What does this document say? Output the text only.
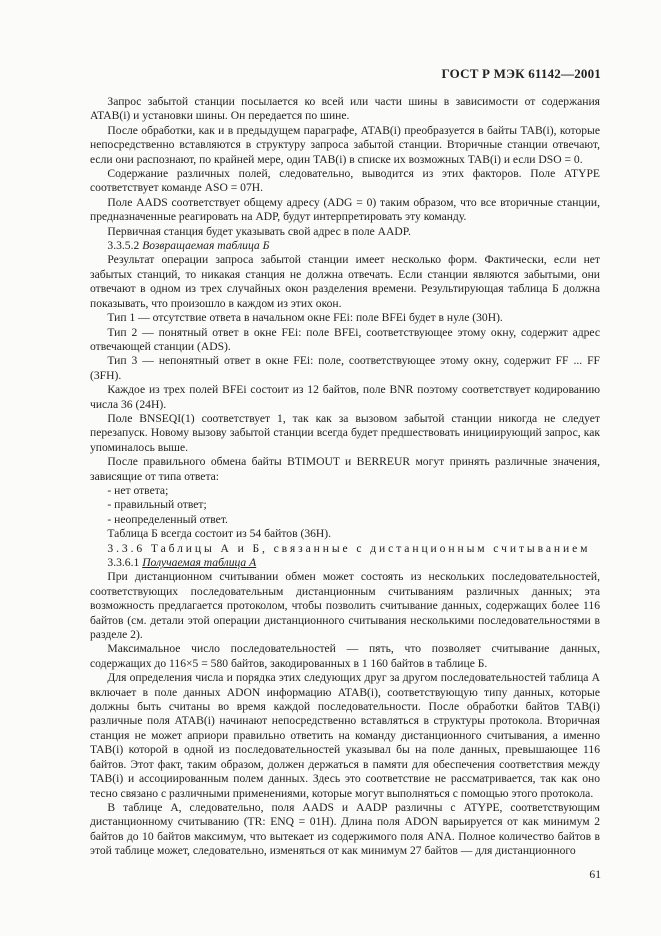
ГОСТ Р МЭК 61142—2001

Запрос забытой станции посылается ко всей или части шины в зависимости от содержания ATAB(i) и установки шины. Он передается по шине.

После обработки, как и в предыдущем параграфе, ATAB(i) преобразуется в байты TAB(i), которые непосредственно вставляются в структуру запроса забытой станции. Вторичные станции отвечают, если они распознают, по крайней мере, один TAB(i) в списке их возможных TAB(i) и если DSO = 0.

Содержание различных полей, следовательно, выводится из этих факторов. Поле ATYPE соответствует команде ASO = 07H.

Поле AADS соответствует общему адресу (ADG = 0) таким образом, что все вторичные станции, предназначенные реагировать на ADP, будут интерпретировать эту команду.

Первичная станция будет указывать свой адрес в поле AADP.

3.3.5.2 Возвращаемая таблица Б

Результат операции запроса забытой станции имеет несколько форм. Фактически, если нет забытых станций, то никакая станция не должна отвечать. Если станции являются забытыми, они отвечают в одном из трех случайных окон разделения времени. Результирующая таблица Б должна показывать, что произошло в каждом из этих окон.

Тип 1 — отсутствие ответа в начальном окне FEi: поле BFEi будет в нуле (30H).

Тип 2 — понятный ответ в окне FEi: поле BFEi, соответствующее этому окну, содержит адрес отвечающей станции (ADS).

Тип 3 — непонятный ответ в окне FEi: поле, соответствующее этому окну, содержит FF ... FF (3FH).

Каждое из трех полей BFEi состоит из 12 байтов, поле BNR поэтому соответствует кодированию числа 36 (24H).

Поле BNSEQI(1) соответствует 1, так как за вызовом забытой станции никогда не следует перезапуск. Новому вызову забытой станции всегда будет предшествовать инициирующий запрос, как упоминалось выше.

После правильного обмена байты BTIMOUT и BERREUR могут принять различные значения, зависящие от типа ответа:

- нет ответа;

- правильный ответ;

- неопределенный ответ.

Таблица Б всегда состоит из 54 байтов (36H).

3.3.6 Таблицы А и Б, связанные с дистанционным считыванием

3.3.6.1 Получаемая таблица А

При дистанционном считывании обмен может состоять из нескольких последовательностей, соответствующих последовательным дистанционным считываниям различных данных; эта возможность предлагается протоколом, чтобы позволить считывание данных, содержащих более 116 байтов (см. детали этой операции дистанционного считывания несколькими последовательностями в разделе 2).

Максимальное число последовательностей — пять, что позволяет считывание данных, содержащих до 116×5 = 580 байтов, закодированных в 1 160 байтов в таблице Б.

Для определения числа и порядка этих следующих друг за другом последовательностей таблица А включает в поле данных ADON информацию ATAB(i), соответствующую типу данных, которые должны быть считаны во время каждой последовательности. После обработки байтов TAB(i) различные поля ATAB(i) начинают непосредственно вставляться в структуры протокола. Вторичная станция не может априори правильно ответить на команду дистанционного считывания, а именно TAB(i) которой в одной из последовательностей указывал бы на поле данных, превышающее 116 байтов. Этот факт, таким образом, должен держаться в памяти для обеспечения соответствия между TAB(i) и ассоциированным полем данных. Здесь это соответствие не рассматривается, так как оно тесно связано с различными применениями, которые могут выполняться с помощью этого протокола.

В таблице А, следовательно, поля AADS и AADP различны с ATYPE, соответствующим дистанционному считыванию (TR: ENQ = 01H). Длина поля ADON варьируется от как минимум 2 байтов до 10 байтов максимум, что вытекает из содержимого поля ANA. Полное количество байтов в этой таблице может, следовательно, изменяться от как минимум 27 байтов — для дистанционного

61
